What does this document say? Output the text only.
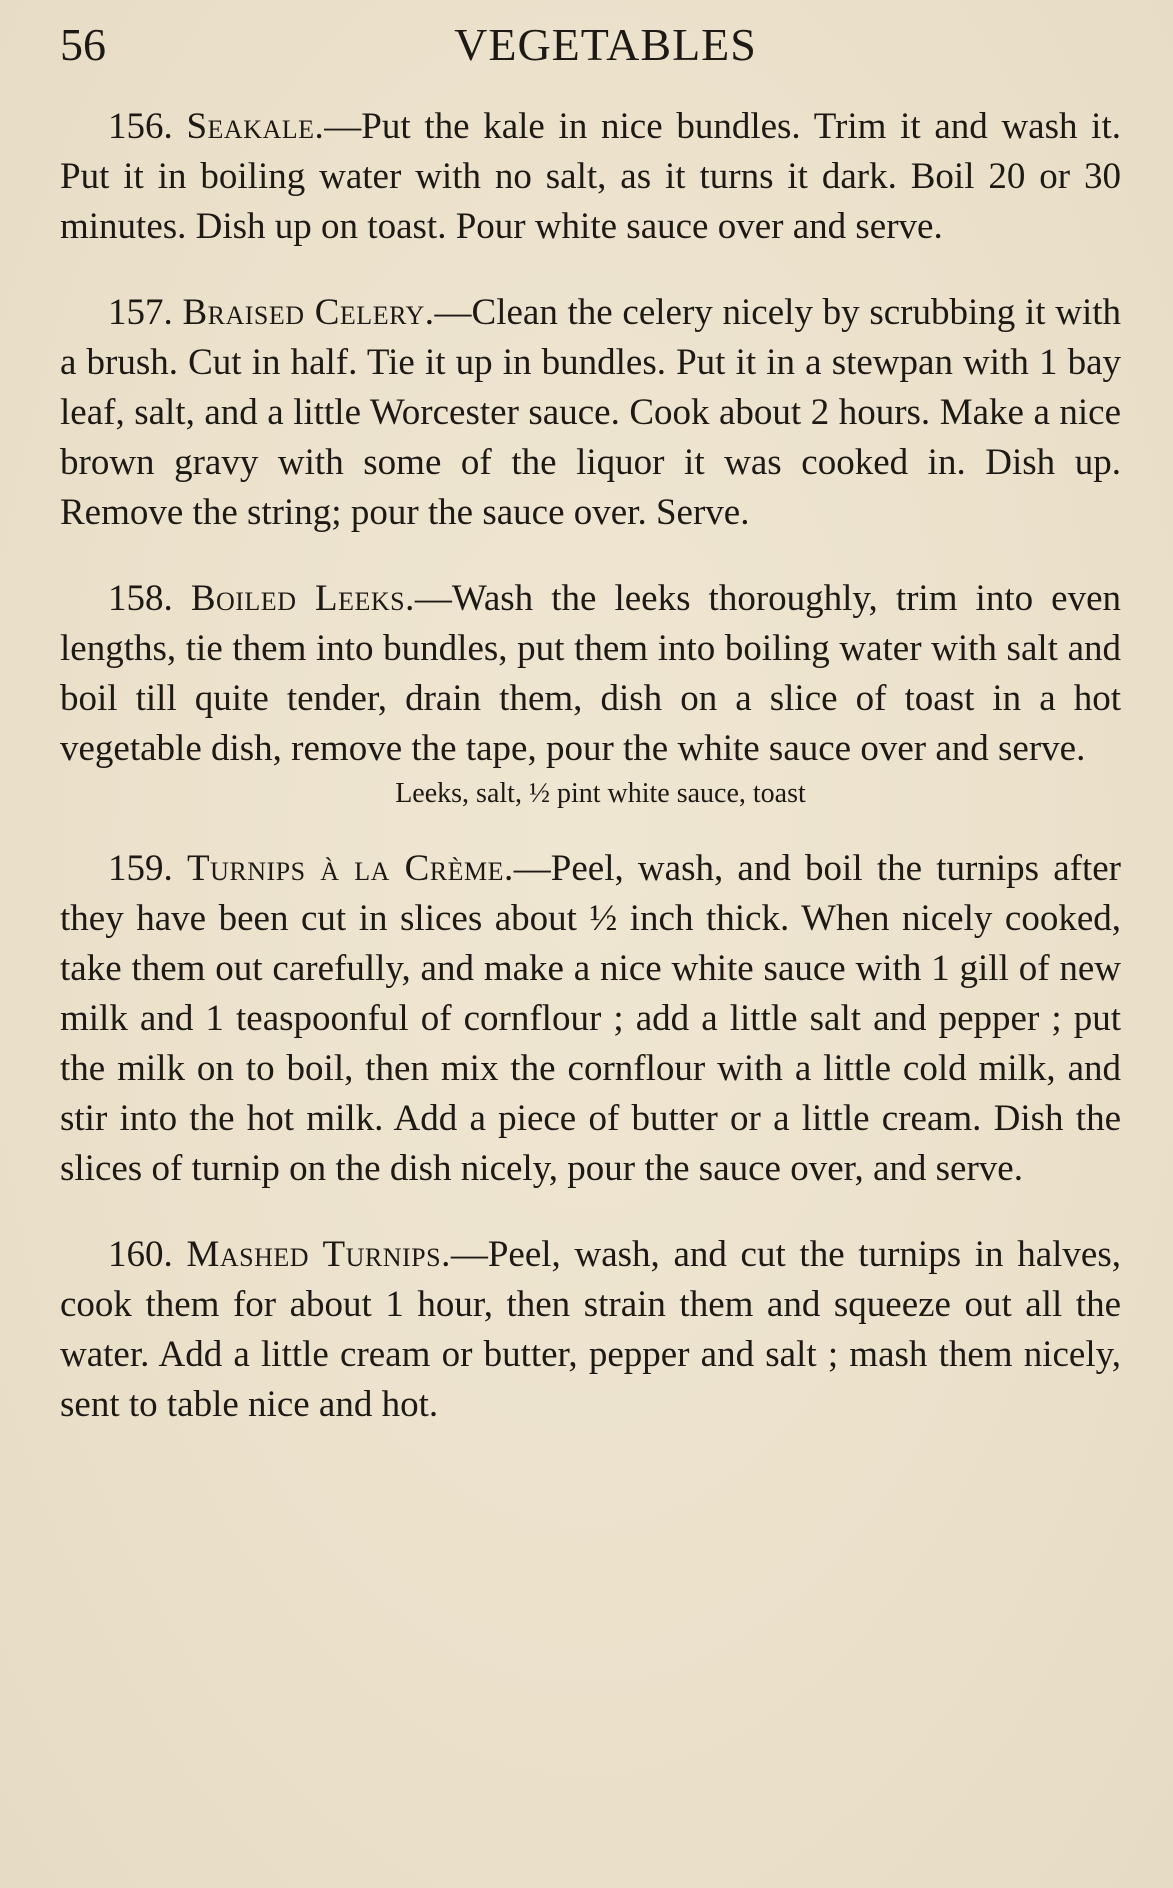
56	VEGETABLES

156. Seakale.—Put the kale in nice bundles. Trim it and wash it. Put it in boiling water with no salt, as it turns it dark. Boil 20 or 30 minutes. Dish up on toast. Pour white sauce over and serve.

157. Braised Celery.—Clean the celery nicely by scrubbing it with a brush. Cut in half. Tie it up in bundles. Put it in a stewpan with 1 bay leaf, salt, and a little Worcester sauce. Cook about 2 hours. Make a nice brown gravy with some of the liquor it was cooked in. Dish up. Remove the string; pour the sauce over. Serve.

158. Boiled Leeks.—Wash the leeks thoroughly, trim into even lengths, tie them into bundles, put them into boiling water with salt and boil till quite tender, drain them, dish on a slice of toast in a hot vegetable dish, remove the tape, pour the white sauce over and serve.

Leeks, salt, ½ pint white sauce, toast

159. Turnips à la Crème.—Peel, wash, and boil the turnips after they have been cut in slices about ½ inch thick. When nicely cooked, take them out carefully, and make a nice white sauce with 1 gill of new milk and 1 teaspoonful of cornflour ; add a little salt and pepper ; put the milk on to boil, then mix the cornflour with a little cold milk, and stir into the hot milk. Add a piece of butter or a little cream. Dish the slices of turnip on the dish nicely, pour the sauce over, and serve.

160. Mashed Turnips.—Peel, wash, and cut the turnips in halves, cook them for about 1 hour, then strain them and squeeze out all the water. Add a little cream or butter, pepper and salt ; mash them nicely, sent to table nice and hot.
